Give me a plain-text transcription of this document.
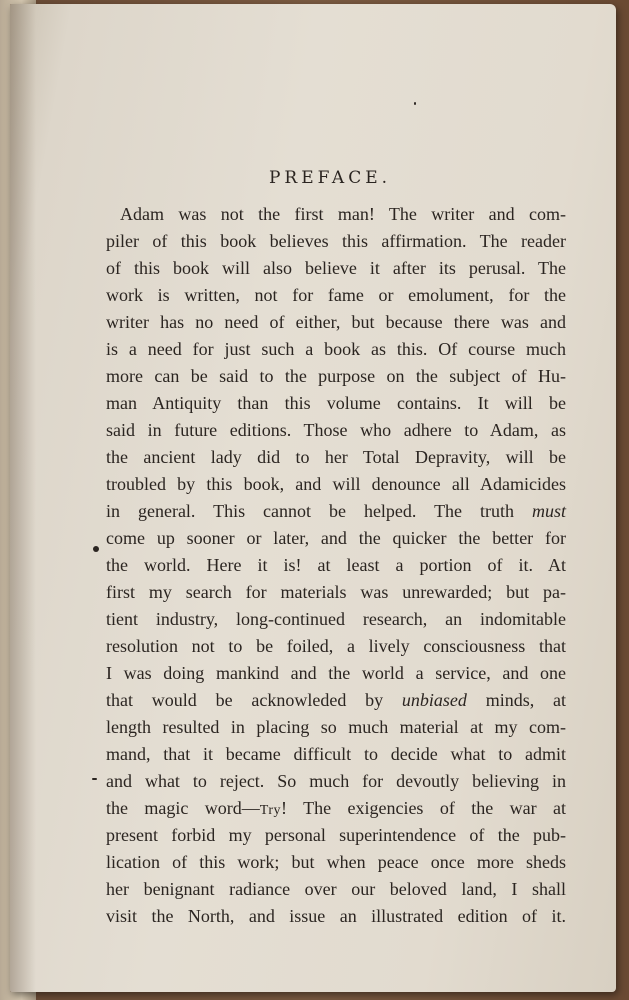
PREFACE.
Adam was not the first man! The writer and com-
piler of this book believes this affirmation. The reader
of this book will also believe it after its perusal. The
work is written, not for fame or emolument, for the
writer has no need of either, but because there was and
is a need for just such a book as this. Of course much
more can be said to the purpose on the subject of Hu-
man Antiquity than this volume contains. It will be
said in future editions. Those who adhere to Adam, as
the ancient lady did to her Total Depravity, will be
troubled by this book, and will denounce all Adamicides
in general. This cannot be helped. The truth must
come up sooner or later, and the quicker the better for
the world. Here it is! at least a portion of it. At
first my search for materials was unrewarded; but pa-
tient industry, long-continued research, an indomitable
resolution not to be foiled, a lively consciousness that
I was doing mankind and the world a service, and one
that would be acknowleded by unbiased minds, at
length resulted in placing so much material at my com-
mand, that it became difficult to decide what to admit
and what to reject. So much for devoutly believing in
the magic word—Try! The exigencies of the war at
present forbid my personal superintendence of the pub-
lication of this work; but when peace once more sheds
her benignant radiance over our beloved land, I shall
visit the North, and issue an illustrated edition of it.
